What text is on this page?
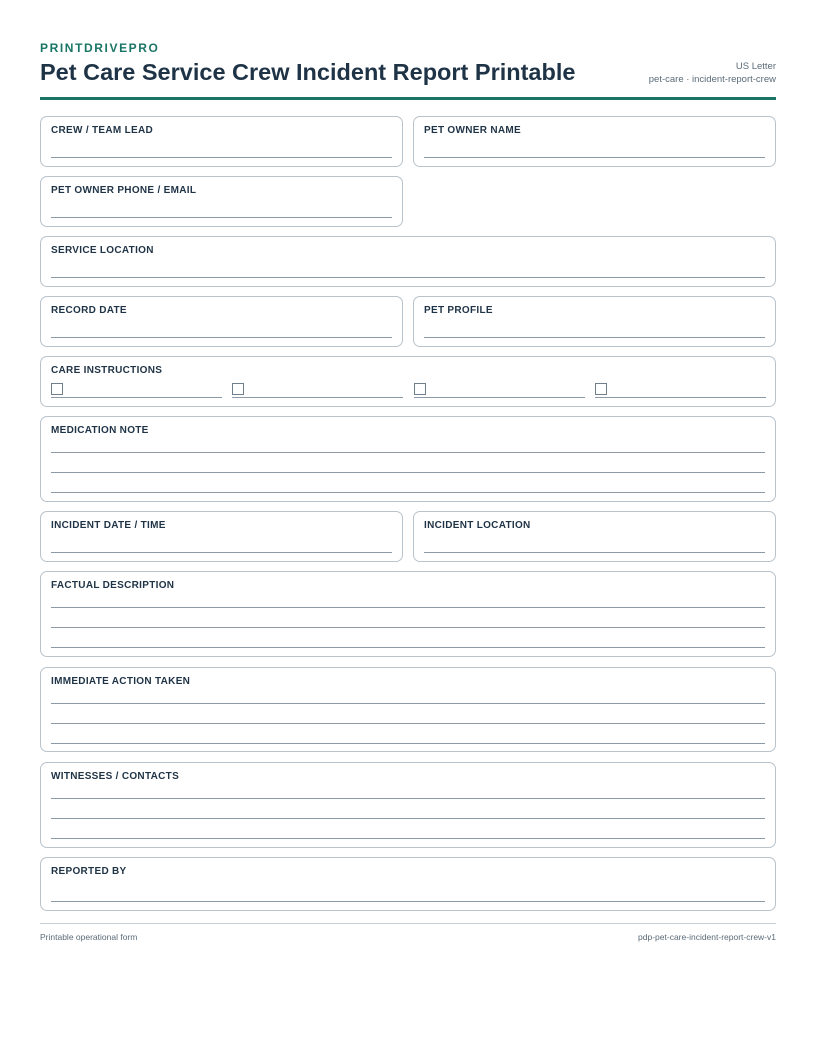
PRINTDRIVEPRO
Pet Care Service Crew Incident Report Printable	US Letter
pet-care · incident-report-crew
CREW / TEAM LEAD	PET OWNER NAME
PET OWNER PHONE / EMAIL
SERVICE LOCATION
RECORD DATE	PET PROFILE
CARE INSTRUCTIONS
MEDICATION NOTE
INCIDENT DATE / TIME	INCIDENT LOCATION
FACTUAL DESCRIPTION
IMMEDIATE ACTION TAKEN
WITNESSES / CONTACTS
REPORTED BY
Printable operational form	pdp-pet-care-incident-report-crew-v1
